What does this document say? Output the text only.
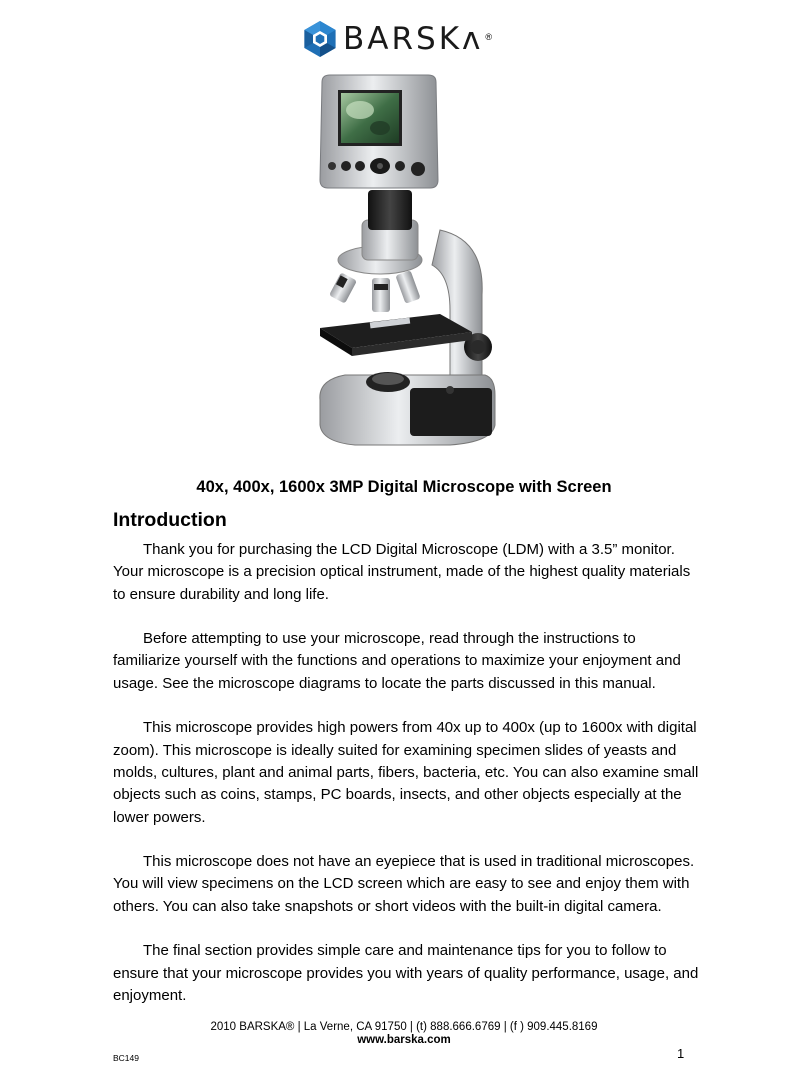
BARSKʌ ®
40x, 400x, 1600x 3MP Digital Microscope with Screen
Introduction

Thank you for purchasing the LCD Digital Microscope (LDM) with a 3.5” monitor. Your microscope is a precision optical instrument, made of the highest quality materials to ensure durability and long life.

Before attempting to use your microscope, read through the instructions to familiarize yourself with the functions and operations to maximize your enjoyment and usage. See the microscope diagrams to locate the parts discussed in this manual.

This microscope provides high powers from 40x up to 400x (up to 1600x with digital zoom). This microscope is ideally suited for examining specimen slides of yeasts and molds, cultures, plant and animal parts, fibers, bacteria, etc. You can also examine small objects such as coins, stamps, PC boards, insects, and other objects especially at the lower powers.

This microscope does not have an eyepiece that is used in traditional microscopes. You will view specimens on the LCD screen which are easy to see and enjoy them with others. You can also take snapshots or short videos with the built-in digital camera.

The final section provides simple care and maintenance tips for you to follow to ensure that your microscope provides you with years of quality performance, usage, and enjoyment.

2010 BARSKA® | La Verne, CA 91750 | (t) 888.666.6769 | (f ) 909.445.8169
www.barska.com
BC149	1
